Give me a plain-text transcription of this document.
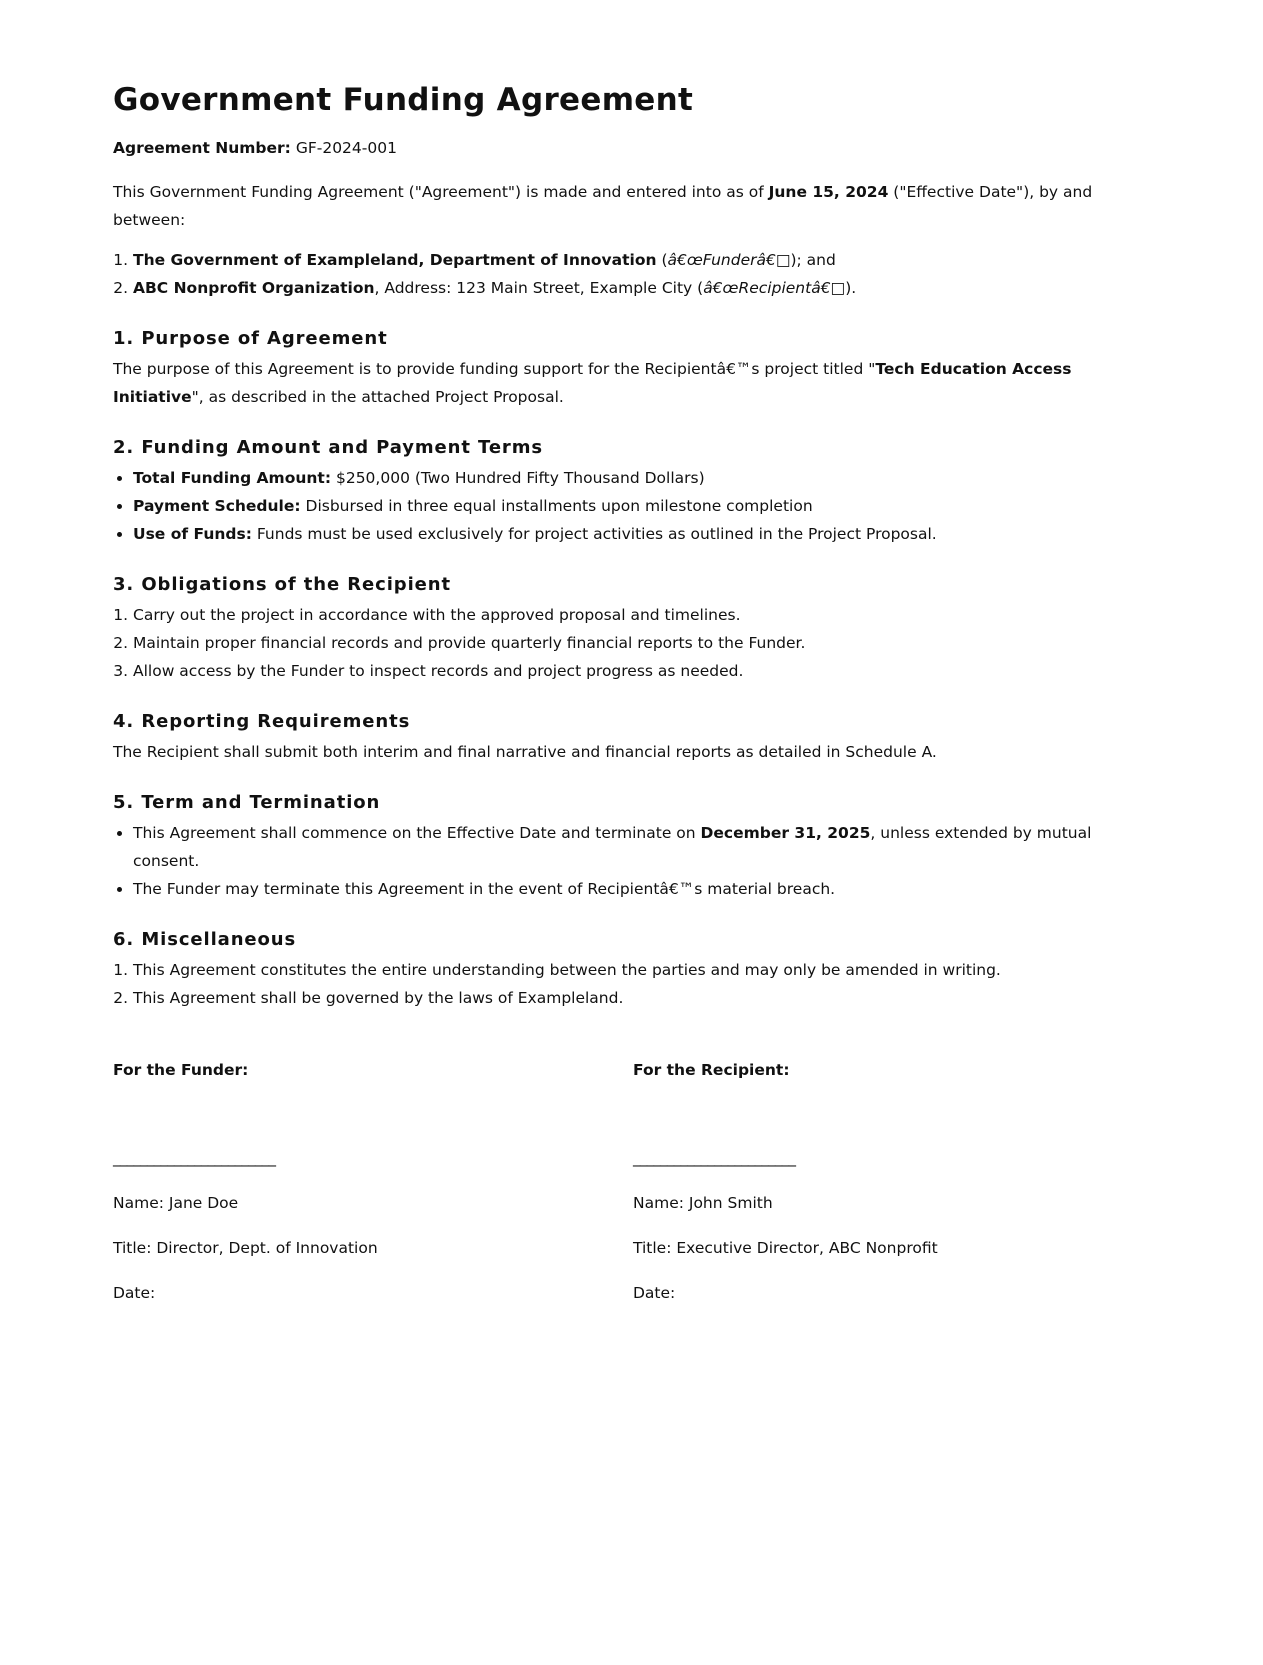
Government Funding Agreement

Agreement Number: GF-2024-001

This Government Funding Agreement ("Agreement") is made and entered into as of June 15, 2024 ("Effective Date"), by and between:

1. The Government of Exampleland, Department of Innovation (â€œFunderâ€□); and
2. ABC Nonprofit Organization, Address: 123 Main Street, Example City (â€œRecipientâ€□).
1. Purpose of Agreement

The purpose of this Agreement is to provide funding support for the Recipientâ€™s project titled "Tech Education Access Initiative", as described in the attached Project Proposal.

2. Funding Amount and Payment Terms
• Total Funding Amount: $250,000 (Two Hundred Fifty Thousand Dollars)
• Payment Schedule: Disbursed in three equal installments upon milestone completion
• Use of Funds: Funds must be used exclusively for project activities as outlined in the Project Proposal.
3. Obligations of the Recipient
1. Carry out the project in accordance with the approved proposal and timelines.
2. Maintain proper financial records and provide quarterly financial reports to the Funder.
3. Allow access by the Funder to inspect records and project progress as needed.
4. Reporting Requirements

The Recipient shall submit both interim and final narrative and financial reports as detailed in Schedule A.

5. Term and Termination
• This Agreement shall commence on the Effective Date and terminate on December 31, 2025, unless extended by mutual consent.
• The Funder may terminate this Agreement in the event of Recipientâ€™s material breach.
6. Miscellaneous
1. This Agreement constitutes the entire understanding between the parties and may only be amended in writing.
2. This Agreement shall be governed by the laws of Exampleland.
For the Funder:
________________________
Name: Jane Doe
Title: Director, Dept. of Innovation
Date:
For the Recipient:
________________________
Name: John Smith
Title: Executive Director, ABC Nonprofit
Date:
